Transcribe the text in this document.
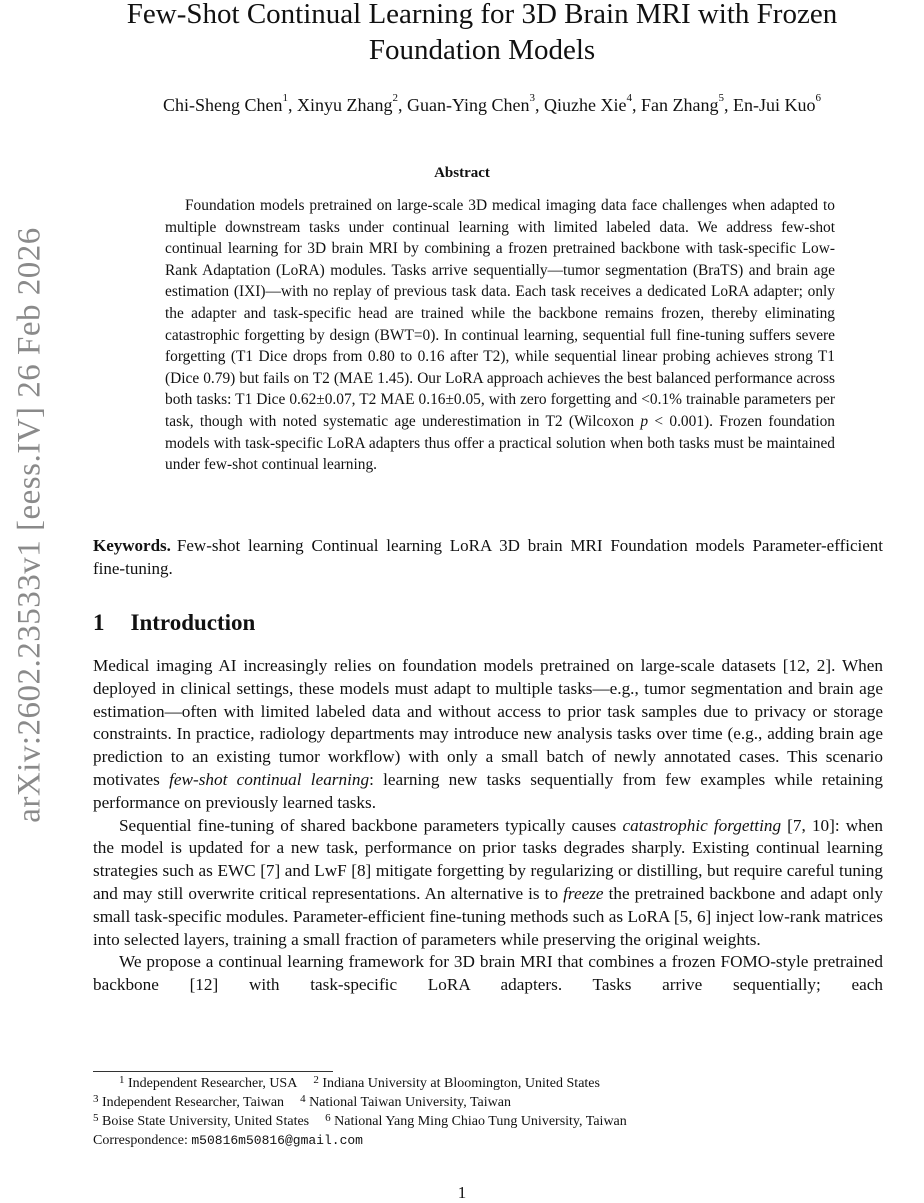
arXiv:2602.23533v1 [eess.IV] 26 Feb 2026
Few-Shot Continual Learning for 3D Brain MRI with Frozen Foundation Models
Chi-Sheng Chen$^1$, Xinyu Zhang$^2$, Guan-Ying Chen$^3$, Qiuzhe Xie$^4$, Fan Zhang$^5$, En-Jui Kuo$^6$
Abstract

Foundation models pretrained on large-scale 3D medical imaging data face challenges when adapted to multiple downstream tasks under continual learning with limited labeled data. We address few-shot continual learning for 3D brain MRI by combining a frozen pretrained backbone with task-specific Low-Rank Adaptation (LoRA) modules. Tasks arrive sequentially—tumor segmentation (BraTS) and brain age estimation (IXI)—with no replay of previous task data. Each task receives a dedicated LoRA adapter; only the adapter and task-specific head are trained while the backbone remains frozen, thereby eliminating catastrophic forgetting by design (BWT=0). In continual learning, sequential full fine-tuning suffers severe forgetting (T1 Dice drops from 0.80 to 0.16 after T2), while sequential linear probing achieves strong T1 (Dice 0.79) but fails on T2 (MAE 1.45). Our LoRA approach achieves the best balanced performance across both tasks: T1 Dice 0.62±0.07, T2 MAE 0.16±0.05, with zero forgetting and <0.1% trainable parameters per task, though with noted systematic age underestimation in T2 (Wilcoxon p < 0.001). Frozen foundation models with task-specific LoRA adapters thus offer a practical solution when both tasks must be maintained under few-shot continual learning.

Keywords. Few-shot learning Continual learning LoRA 3D brain MRI Foundation models Parameter-efficient fine-tuning.

1 Introduction

Medical imaging AI increasingly relies on foundation models pretrained on large-scale datasets [12, 2]. When deployed in clinical settings, these models must adapt to multiple tasks—e.g., tumor segmentation and brain age estimation—often with limited labeled data and without access to prior task samples due to privacy or storage constraints. In practice, radiology departments may introduce new analysis tasks over time (e.g., adding brain age prediction to an existing tumor workflow) with only a small batch of newly annotated cases. This scenario motivates few-shot continual learning: learning new tasks sequentially from few examples while retaining performance on previously learned tasks.

Sequential fine-tuning of shared backbone parameters typically causes catastrophic forgetting [7, 10]: when the model is updated for a new task, performance on prior tasks degrades sharply. Existing continual learning strategies such as EWC [7] and LwF [8] mitigate forgetting by regularizing or distilling, but require careful tuning and may still overwrite critical representations. An alternative is to freeze the pretrained backbone and adapt only small task-specific modules. Parameter-efficient fine-tuning methods such as LoRA [5, 6] inject low-rank matrices into selected layers, training a small fraction of parameters while preserving the original weights.

We propose a continual learning framework for 3D brain MRI that combines a frozen FOMO-style pretrained backbone [12] with task-specific LoRA adapters. Tasks arrive sequentially; each

$^1$ Independent Researcher, USA $^2$ Indiana University at Bloomington, United States
$^3$ Independent Researcher, Taiwan $^4$ National Taiwan University, Taiwan
$^5$ Boise State University, United States $^6$ National Yang Ming Chiao Tung University, Taiwan
Correspondence: m50816m50816@gmail.com
1
